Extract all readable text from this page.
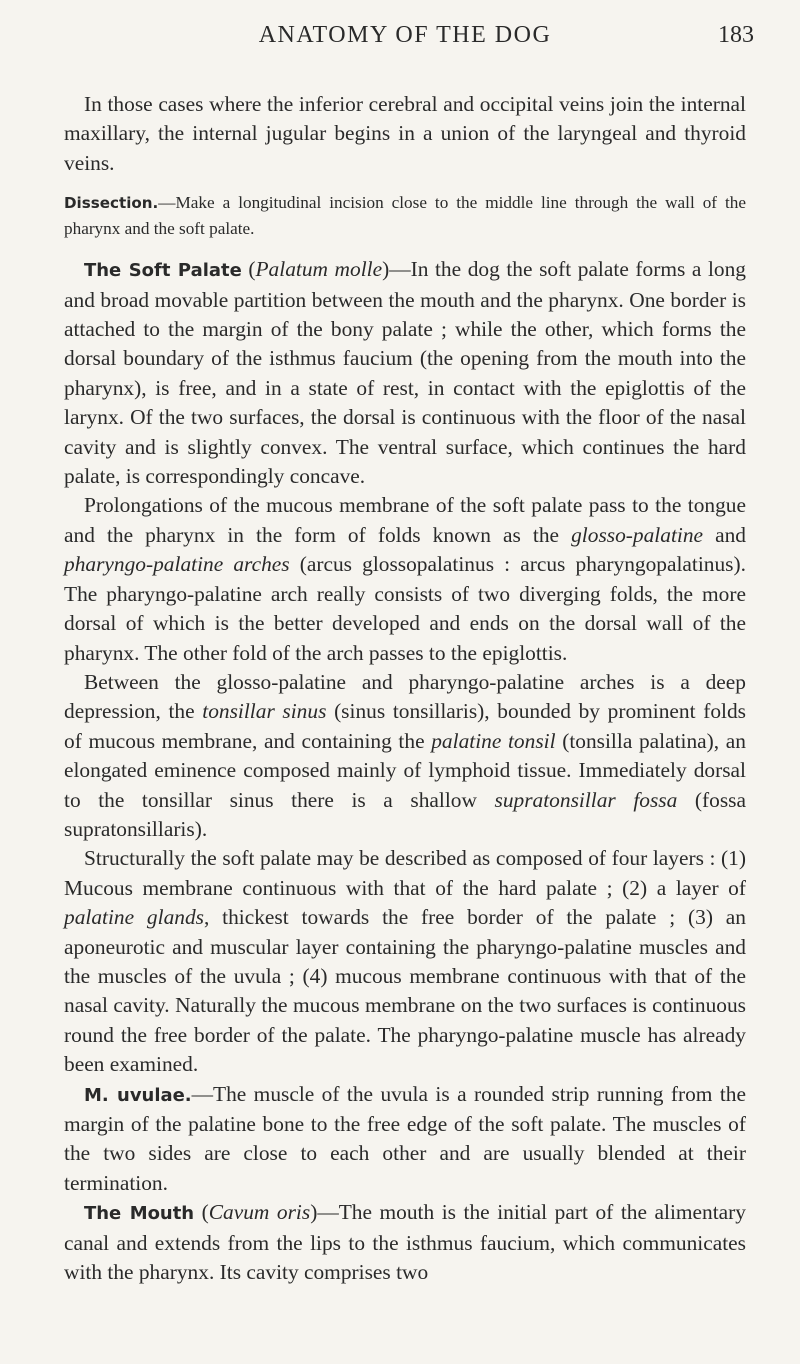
ANATOMY OF THE DOG	183

In those cases where the inferior cerebral and occipital veins join the internal maxillary, the internal jugular begins in a union of the laryngeal and thyroid veins.

Dissection.—Make a longitudinal incision close to the middle line through the wall of the pharynx and the soft palate.

The Soft Palate (Palatum molle)—In the dog the soft palate forms a long and broad movable partition between the mouth and the pharynx. One border is attached to the margin of the bony palate ; while the other, which forms the dorsal boundary of the isthmus faucium (the opening from the mouth into the pharynx), is free, and in a state of rest, in contact with the epiglottis of the larynx. Of the two surfaces, the dorsal is continuous with the floor of the nasal cavity and is slightly convex. The ventral surface, which continues the hard palate, is correspondingly concave.

Prolongations of the mucous membrane of the soft palate pass to the tongue and the pharynx in the form of folds known as the glosso-palatine and pharyngo-palatine arches (arcus glossopalatinus : arcus pharyngopalatinus). The pharyngo-palatine arch really consists of two diverging folds, the more dorsal of which is the better developed and ends on the dorsal wall of the pharynx. The other fold of the arch passes to the epiglottis.

Between the glosso-palatine and pharyngo-palatine arches is a deep depression, the tonsillar sinus (sinus tonsillaris), bounded by prominent folds of mucous membrane, and containing the palatine tonsil (tonsilla palatina), an elongated eminence composed mainly of lymphoid tissue. Immediately dorsal to the tonsillar sinus there is a shallow supratonsillar fossa (fossa supratonsillaris).

Structurally the soft palate may be described as composed of four layers : (1) Mucous membrane continuous with that of the hard palate ; (2) a layer of palatine glands, thickest towards the free border of the palate ; (3) an aponeurotic and muscular layer containing the pharyngo-palatine muscles and the muscles of the uvula ; (4) mucous membrane continuous with that of the nasal cavity. Naturally the mucous membrane on the two surfaces is continuous round the free border of the palate. The pharyngo-palatine muscle has already been examined.

M. uvulae.—The muscle of the uvula is a rounded strip running from the margin of the palatine bone to the free edge of the soft palate. The muscles of the two sides are close to each other and are usually blended at their termination.

The Mouth (Cavum oris)—The mouth is the initial part of the alimentary canal and extends from the lips to the isthmus faucium, which communicates with the pharynx. Its cavity comprises two
